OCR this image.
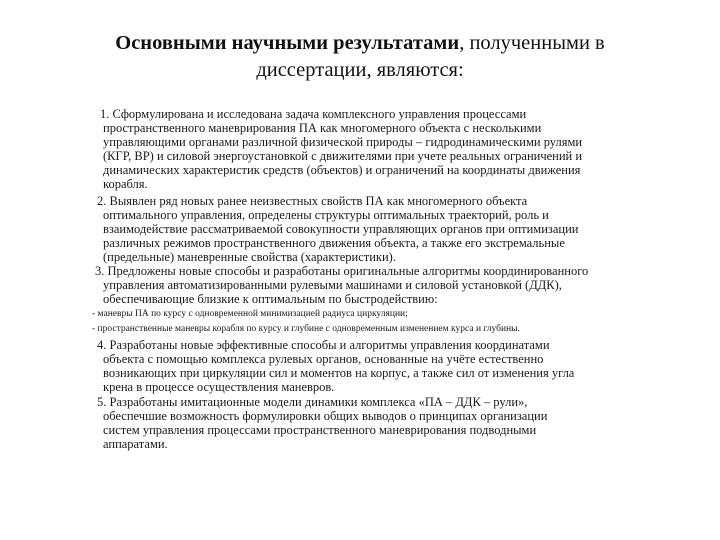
Основными научными результатами, полученными в
диссертации, являются:
1. Сформулирована и исследована задача комплексного управления процессами
пространственного маневрирования ПА как многомерного объекта с несколькими
управляющими органами различной физической природы – гидродинамическими рулями
(КГР, ВР) и силовой энергоустановкой с движителями при учете реальных ограничений и
динамических характеристик средств (объектов) и ограничений на координаты движения
корабля.
2. Выявлен ряд новых ранее неизвестных свойств ПА как многомерного объекта
оптимального управления, определены структуры оптимальных траекторий, роль и
взаимодействие рассматриваемой совокупности управляющих органов при оптимизации
различных режимов пространственного движения объекта, а также его экстремальные
(предельные) маневренные свойства (характеристики).
3. Предложены новые способы и разработаны оригинальные алгоритмы координированного
управления автоматизированными рулевыми машинами и силовой установкой (ДДК),
обеспечивающие близкие к оптимальным по быстродействию:
- маневры ПА по курсу с одновременной минимизацией радиуса циркуляции;
- пространственные маневры корабля по курсу и глубине с одновременным изменением курса и глубины.
4. Разработаны новые эффективные способы и алгоритмы управления координатами
объекта с помощью комплекса рулевых органов, основанные на учёте естественно
возникающих при циркуляции сил и моментов на корпус, а также сил от изменения угла
крена в процессе осуществления маневров.
5. Разработаны имитационные модели динамики комплекса «ПА – ДДК – рули»,
обеспечшие возможность формулировки общих выводов о принципах организации
систем управления процессами пространственного маневрирования подводными
аппаратами.
